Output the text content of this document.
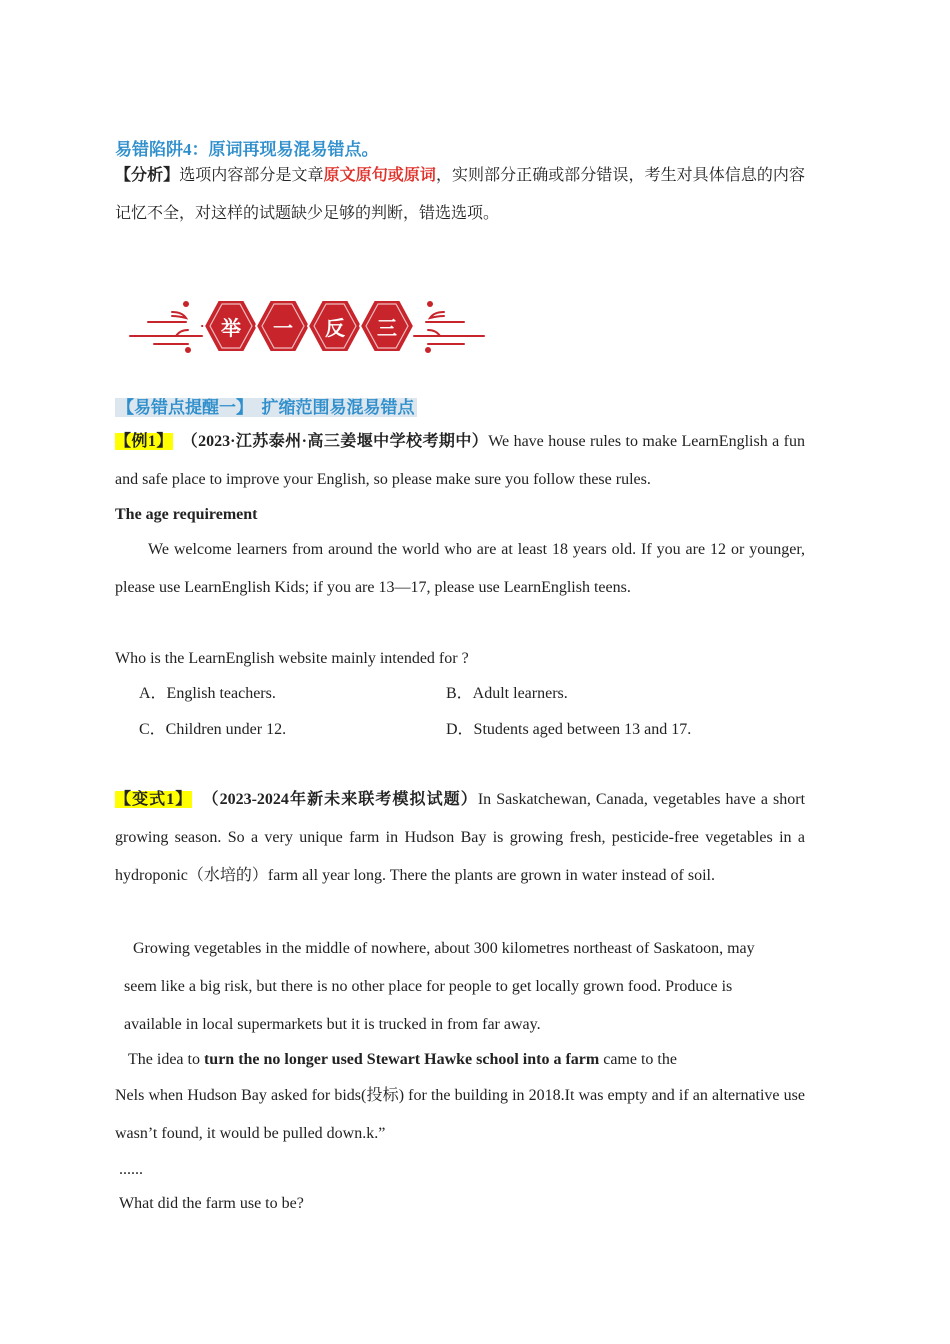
易错陷阱4：原词再现易混易错点。
【分析】选项内容部分是文章原文原句或原词，实则部分正确或部分错误，考生对具体信息的内容记忆不全，对这样的试题缺少足够的判断，错选选项。
举	一	反	三
【易错点提醒一】 扩缩范围易混易错点
【例1】 （2023·江苏泰州·高三姜堰中学校考期中）We have house rules to make LearnEnglish a fun and safe place to improve your English, so please make sure you follow these rules.
The age requirement
We welcome learners from around the world who are at least 18 years old. If you are 12 or younger, please use LearnEnglish Kids; if you are 13—17, please use LearnEnglish teens.
Who is the LearnEnglish website mainly intended for ?
A．English teachers.	B．Adult learners.
C．Children under 12.	D．Students aged between 13 and 17.
【变式1】 （2023-2024年新未来联考模拟试题）In Saskatchewan, Canada, vegetables have a short growing season. So a very unique farm in Hudson Bay is growing fresh, pesticide-free vegetables in a hydroponic（水培的）farm all year long. There the plants are grown in water instead of soil.
Growing vegetables in the middle of nowhere, about 300 kilometres northeast of Saskatoon, may
seem like a big risk, but there is no other place for people to get locally grown food. Produce is
available in local supermarkets but it is trucked in from far away.
The idea to turn the no longer used Stewart Hawke school into a farm came to the
Nels when Hudson Bay asked for bids(投标) for the building in 2018.It was empty and if an alternative use wasn’t found, it would be pulled down.k.”
......
What did the farm use to be?
